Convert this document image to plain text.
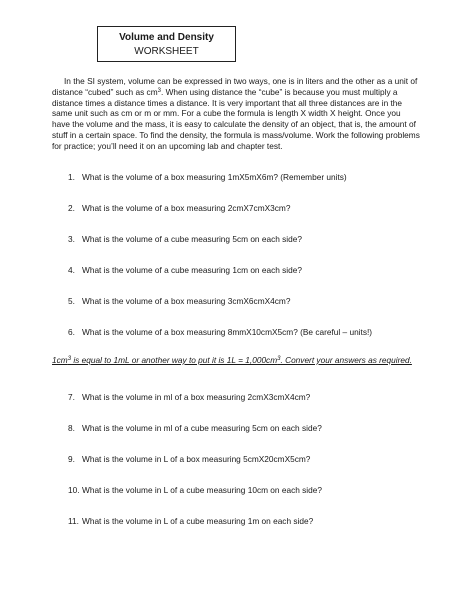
Volume and Density
WORKSHEET
In the SI system, volume can be expressed in two ways, one is in liters and the other as a unit of distance “cubed” such as $cm^3$. When using distance the “cube” is because you must multiply a distance times a distance times a distance. It is very important that all three distances are in the same unit such as cm or m or mm. For a cube the formula is length X width X height. Once you have the volume and the mass, it is easy to calculate the density of an object, that is, the amount of stuff in a certain space. To find the density, the formula is mass/volume. Work the following problems for practice; you’ll need it on an upcoming lab and chapter test.
1. What is the volume of a box measuring 1mX5mX6m? (Remember units)
2. What is the volume of a box measuring 2cmX7cmX3cm?
3. What is the volume of a cube measuring 5cm on each side?
4. What is the volume of a cube measuring 1cm on each side?
5. What is the volume of a box measuring 3cmX6cmX4cm?
6. What is the volume of a box measuring 8mmX10cmX5cm? (Be careful – units!)
$1cm^3$ is equal to 1mL or another way to put it is $1L = 1,000cm^3$. Convert your answers as required.
7. What is the volume in ml of a box measuring 2cmX3cmX4cm?
8. What is the volume in ml of a cube measuring 5cm on each side?
9. What is the volume in L of a box measuring 5cmX20cmX5cm?
10. What is the volume in L of a cube measuring 10cm on each side?
11. What is the volume in L of a cube measuring 1m on each side?
